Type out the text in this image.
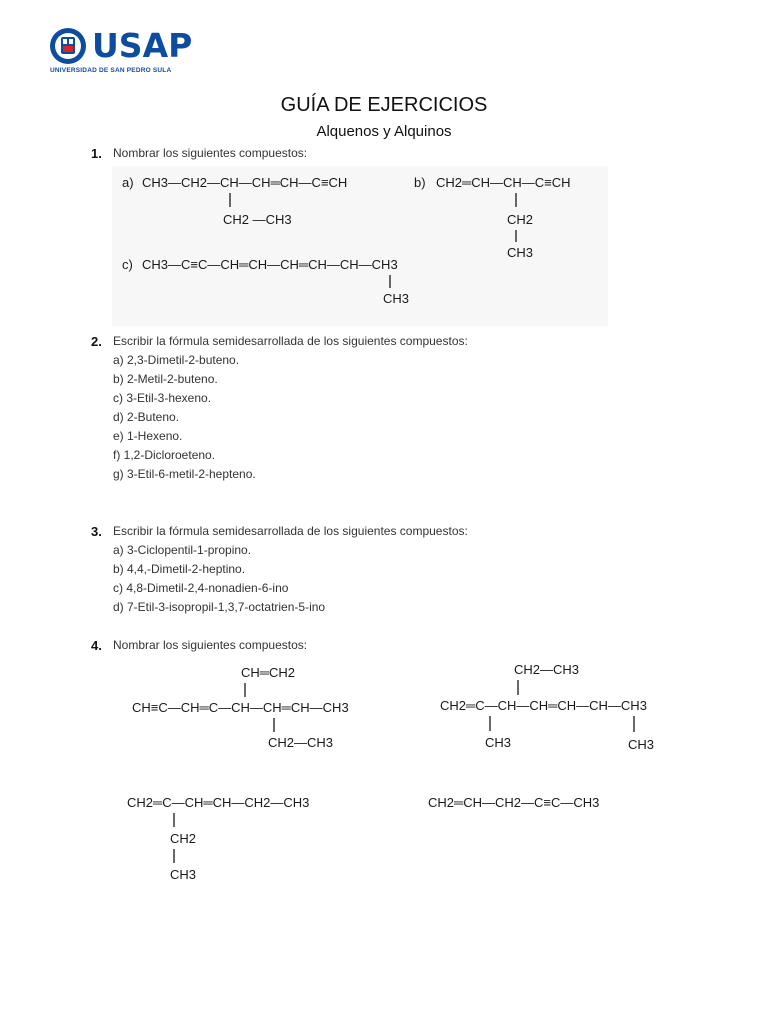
USAP
UNIVERSIDAD DE SAN PEDRO SULA
GUÍA DE EJERCICIOS
Alquenos y Alquinos
1. Nombrar los siguientes compuestos:
2. Escribir la fórmula semidesarrollada de los siguientes compuestos:
a) 2,3-Dimetil-2-buteno.
b) 2-Metil-2-buteno.
c) 3-Etil-3-hexeno.
d) 2-Buteno.
e) 1-Hexeno.
f) 1,2-Dicloroeteno.
g) 3-Etil-6-metil-2-hepteno.
3. Escribir la fórmula semidesarrollada de los siguientes compuestos:
a) 3-Ciclopentil-1-propino.
b) 4,4,-Dimetil-2-heptino.
c) 4,8-Dimetil-2,4-nonadien-6-ino
d) 7-Etil-3-isopropil-1,3,7-octatrien-5-ino
4. Nombrar los siguientes compuestos:
a) CH3—CH2—CH—CH═CH—C≡CH
CH2 —CH3
b) CH2═CH—CH—C≡CH
CH2
CH3
c) CH3—C≡C—CH═CH—CH═CH—CH—CH3
CH3
CH═CH2
CH≡C—CH═C—CH—CH═CH—CH3
CH2—CH3
CH2—CH3
CH2═C—CH—CH═CH—CH—CH3
CH3	CH3
CH2═C—CH═CH—CH2—CH3
CH2
CH3
CH2═CH—CH2—C≡C—CH3
